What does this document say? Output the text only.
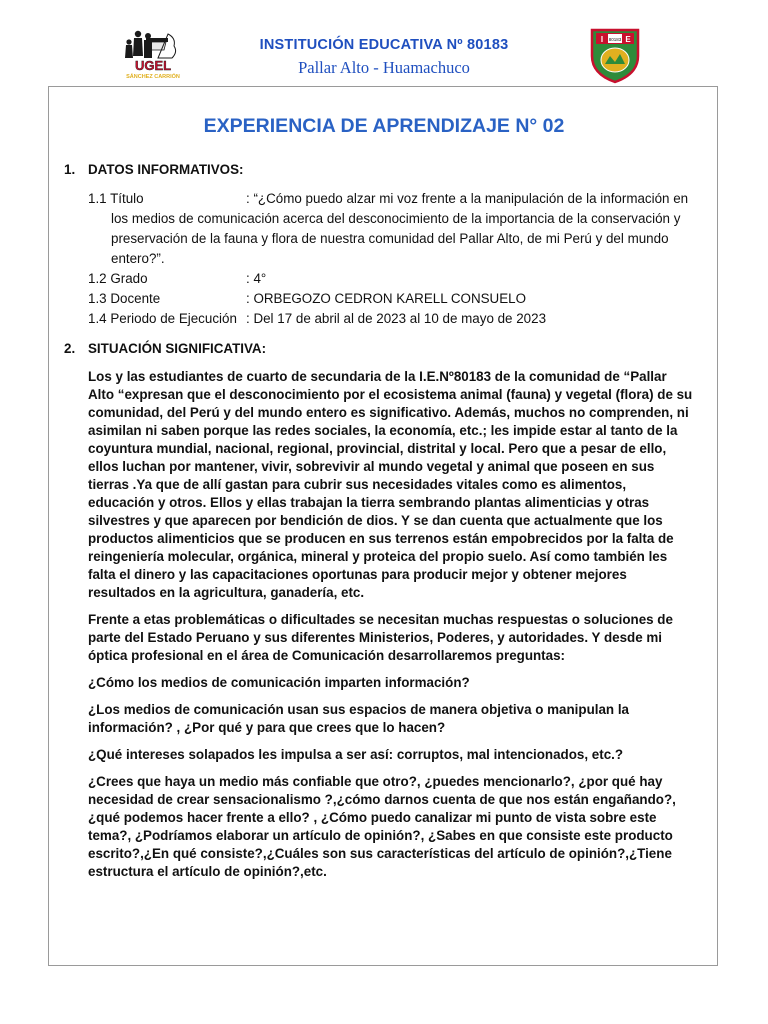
UGEL
SÁNCHEZ CARRIÓN
INSTITUCIÓN EDUCATIVA Nº 80183
Pallar Alto - Huamachuco
I	E
80183
EXPERIENCIA DE APRENDIZAJE N° 02
1. DATOS INFORMATIVOS:
1.1 Título	: “¿Cómo puedo alzar mi voz frente a la manipulación de la información en
los medios de comunicación acerca del desconocimiento de la importancia de la conservación y preservación de la fauna y flora de nuestra comunidad del Pallar Alto, de mi Perú y del mundo entero?”.
1.2 Grado	: 4°
1.3 Docente	: ORBEGOZO CEDRON KARELL CONSUELO
1.4 Periodo de Ejecución : Del 17 de abril al de 2023 al 10 de mayo de 2023
2. SITUACIÓN SIGNIFICATIVA:

Los y las estudiantes de cuarto de secundaria de la I.E.Nº80183 de la comunidad de “Pallar Alto “expresan que el desconocimiento por el ecosistema animal (fauna) y vegetal (flora) de su comunidad, del Perú y del mundo entero es significativo. Además, muchos no comprenden, ni asimilan ni saben porque las redes sociales, la economía, etc.; les impide estar al tanto de la coyuntura mundial, nacional, regional, provincial, distrital y local. Pero que a pesar de ello, ellos luchan por mantener, vivir, sobrevivir al mundo vegetal y animal que poseen en sus tierras .Ya que de allí gastan para cubrir sus necesidades vitales como es alimentos, educación y otros. Ellos y ellas trabajan la tierra sembrando plantas alimenticias y otras silvestres y que aparecen por bendición de dios. Y se dan cuenta que actualmente que los productos alimenticios que se producen en sus terrenos están empobrecidos por la falta de reingeniería molecular, orgánica, mineral y proteica del propio suelo. Así como también les falta el dinero y las capacitaciones oportunas para producir mejor y obtener mejores resultados en la agricultura, ganadería, etc.

Frente a etas problemáticas o dificultades se necesitan muchas respuestas o soluciones de parte del Estado Peruano y sus diferentes Ministerios, Poderes, y autoridades. Y desde mi óptica profesional en el área de Comunicación desarrollaremos preguntas:

¿Cómo los medios de comunicación imparten información?

¿Los medios de comunicación usan sus espacios de manera objetiva o manipulan la información? , ¿Por qué y para que crees que lo hacen?

¿Qué intereses solapados les impulsa a ser así: corruptos, mal intencionados, etc.?

¿Crees que haya un medio más confiable que otro?, ¿puedes mencionarlo?, ¿por qué hay necesidad de crear sensacionalismo ?,¿cómo darnos cuenta de que nos están engañando?, ¿qué podemos hacer frente a ello? , ¿Cómo puedo canalizar mi punto de vista sobre este tema?, ¿Podríamos elaborar un artículo de opinión?, ¿Sabes en que consiste este producto escrito?,¿En qué consiste?,¿Cuáles son sus características del artículo de opinión?,¿Tiene estructura el artículo de opinión?,etc.
